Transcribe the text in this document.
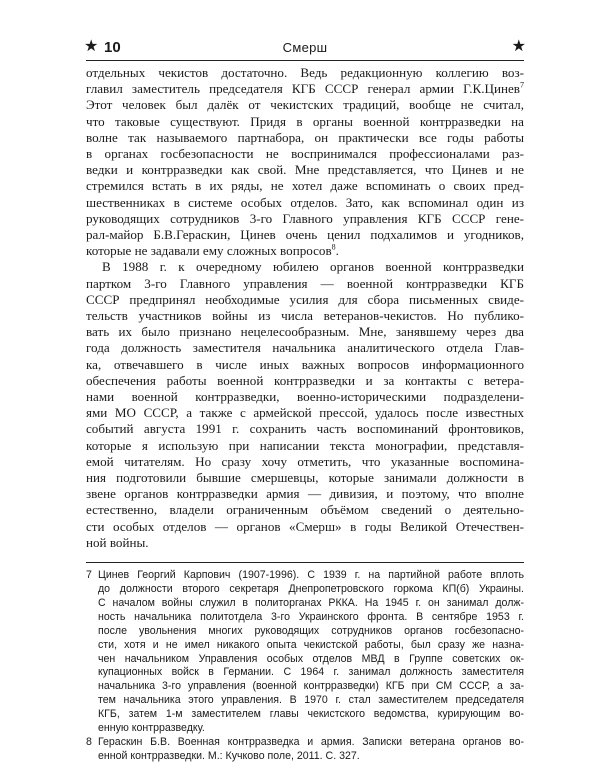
★ 10	Смерш	★

отдельных чекистов достаточно. Ведь редакционную коллегию воз-
главил заместитель председателя КГБ СССР генерал армии Г.К.Цинев$^7$
Этот человек был далёк от чекистских традиций, вообще не считал,
что таковые существуют. Придя в органы военной контрразведки на
волне так называемого партнабора, он практически все годы работы
в органах госбезопасности не воспринимался профессионалами раз-
ведки и контрразведки как свой. Мне представляется, что Цинев и не
стремился встать в их ряды, не хотел даже вспоминать о своих пред-
шественниках в системе особых отделов. Зато, как вспоминал один из
руководящих сотрудников 3-го Главного управления КГБ СССР гене-
рал-майор Б.В.Гераскин, Цинев очень ценил подхалимов и угодников,
которые не задавали ему сложных вопросов$^8$.

В 1988 г. к очередному юбилею органов военной контрразведки
партком 3-го Главного управления — военной контрразведки КГБ
СССР предпринял необходимые усилия для сбора письменных свиде-
тельств участников войны из числа ветеранов-чекистов. Но публико-
вать их было признано нецелесообразным. Мне, занявшему через два
года должность заместителя начальника аналитического отдела Глав-
ка, отвечавшего в числе иных важных вопросов информационного
обеспечения работы военной контрразведки и за контакты с ветера-
нами военной контрразведки, военно-историческими подразделени-
ями МО СССР, а также с армейской прессой, удалось после известных
событий августа 1991 г. сохранить часть воспоминаний фронтовиков,
которые я использую при написании текста монографии, представля-
емой читателям. Но сразу хочу отметить, что указанные воспомина-
ния подготовили бывшие смершевцы, которые занимали должности в
звене органов контрразведки армия — дивизия, и поэтому, что вполне
естественно, владели ограниченным объёмом сведений о деятельно-
сти особых отделов — органов «Смерш» в годы Великой Отечествен-
ной войны.

7 Цинев Георгий Карпович (1907-1996). С 1939 г. на партийной работе вплоть
до должности второго секретаря Днепропетровского горкома КП(б) Украины.
С началом войны служил в политорганах РККА. На 1945 г. он занимал долж-
ность начальника политотдела 3-го Украинского фронта. В сентябре 1953 г.
после увольнения многих руководящих сотрудников органов госбезопасно-
сти, хотя и не имел никакого опыта чекистской работы, был сразу же назна-
чен начальником Управления особых отделов МВД в Группе советских ок-
купационных войск в Германии. С 1964 г. занимал должность заместителя
начальника 3-го управления (военной контрразведки) КГБ при СМ СССР, а за-
тем начальника этого управления. В 1970 г. стал заместителем председателя
КГБ, затем 1-м заместителем главы чекистского ведомства, курирующим во-
енную контрразведку.
8 Гераскин Б.В. Военная контрразведка и армия. Записки ветерана органов во-
енной контрразведки. М.: Кучково поле, 2011. С. 327.
